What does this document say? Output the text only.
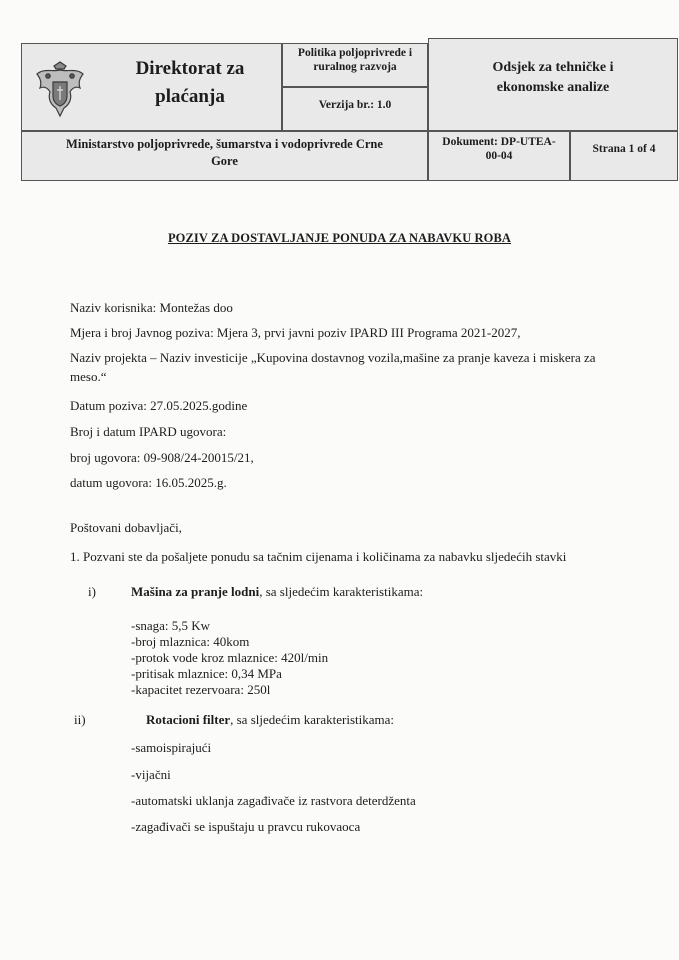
Direktorat za
plaćanja
Politika poljoprivrede i
ruralnog razvoja
Verzija br.: 1.0
Odsjek za tehničke i
ekonomske analize
Ministarstvo poljoprivrede, šumarstva i vodoprivrede Crne
Gore
Dokument: DP-UTEA-
00-04
Strana 1 of 4
POZIV ZA DOSTAVLJANJE PONUDA ZA NABAVKU ROBA
Naziv korisnika: Montežas doo
Mjera i broj Javnog poziva: Mjera 3, prvi javni poziv IPARD III Programa 2021-2027,
Naziv projekta – Naziv investicije „Kupovina dostavnog vozila,mašine za pranje kaveza i miskera za meso.“
Datum poziva: 27.05.2025.godine
Broj i datum IPARD ugovora:
broj ugovora: 09-908/24-20015/21,
datum ugovora: 16.05.2025.g.
Poštovani dobavljači,
1. Pozvani ste da pošaljete ponudu sa tačnim cijenama i količinama za nabavku sljedećih stavki
i)	Mašina za pranje lodni, sa sljedećim karakteristikama:
-snaga: 5,5 Kw
-broj mlaznica: 40kom
-protok vode kroz mlaznice: 420l/min
-pritisak mlaznice: 0,34 MPa
-kapacitet rezervoara: 250l
ii)	Rotacioni filter, sa sljedećim karakteristikama:
-samoispirajući
-vijačni
-automatski uklanja zagađivače iz rastvora deterdženta
-zagađivači se ispuštaju u pravcu rukovaoca
